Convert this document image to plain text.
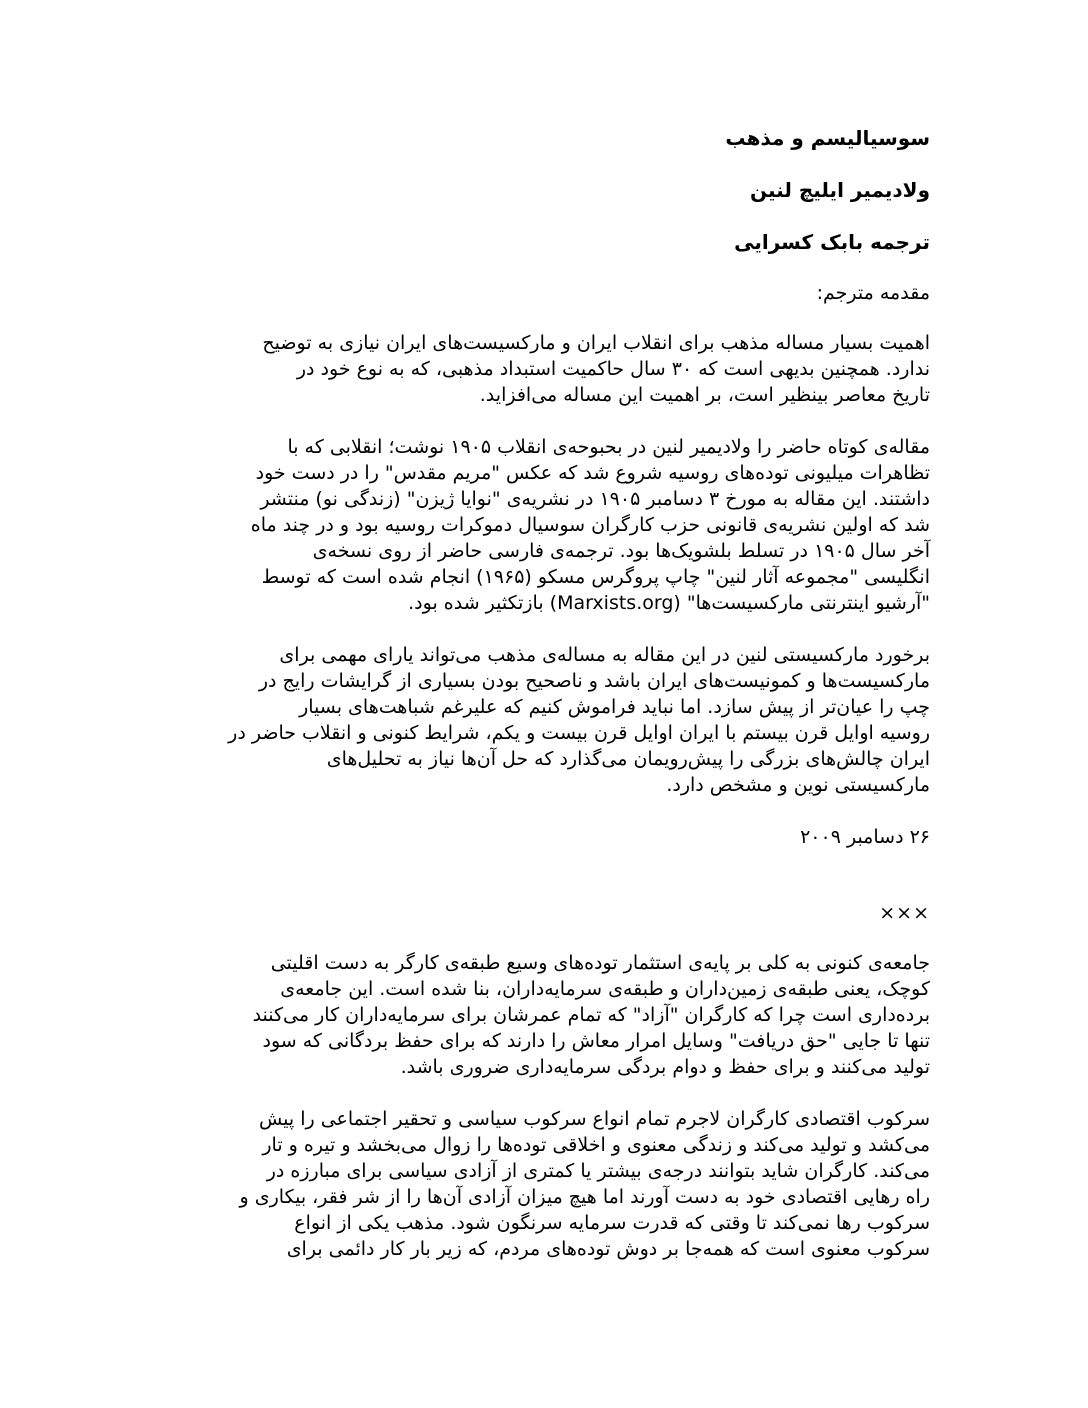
سوسیالیسم و مذهب
ولادیمیر ایلیچ لنین
ترجمه بابک کسرایی
مقدمه مترجم:
اهمیت بسیار مساله مذهب برای انقلاب ایران و مارکسیست‌های ایران نیازی به توضیح
ندارد. همچنین بدیهی است که ۳۰ سال حاکمیت استبداد مذهبی، که به نوع خود در
تاریخ معاصر بینظیر است، بر اهمیت این مساله می‌افزاید.
مقاله‌ی کوتاه حاضر را ولادیمیر لنین در بحبوحه‌ی انقلاب ۱۹۰۵ نوشت؛ انقلابی که با
تظاهرات میلیونی توده‌های روسیه شروع شد که عکس "مریم مقدس" را در دست خود
داشتند. این مقاله به مورخ ۳ دسامبر ۱۹۰۵ در نشریه‌ی "نوایا ژیزن" (زندگی نو) منتشر
شد که اولین نشریه‌ی قانونی حزب کارگران سوسیال دموکرات روسیه بود و در چند ماه
آخر سال ۱۹۰۵ در تسلط بلشویک‌ها بود. ترجمه‌ی فارسی حاضر از روی نسخه‌ی
انگلیسی "مجموعه آثار لنین" چاپ پروگرس مسکو (۱۹۶۵) انجام شده است که توسط
"آرشیو اینترنتی مارکسیست‌ها" (Marxists.org) بازتکثیر شده بود.
برخورد مارکسیستی لنین در این مقاله به مساله‌ی مذهب می‌تواند یارای مهمی برای
مارکسیست‌ها و کمونیست‌های ایران باشد و ناصحیح بودن بسیاری از گرایشات رایج در
چپ را عیان‌تر از پیش سازد. اما نباید فراموش کنیم که علیرغم شباهت‌های بسیار
روسیه اوایل قرن بیستم با ایران اوایل قرن بیست و یکم، شرایط کنونی و انقلاب حاضر در
ایران چالش‌های بزرگی را پیش‌رویمان می‌گذارد که حل آن‌ها نیاز به تحلیل‌های
مارکسیستی نوین و مشخص دارد.
۲۶ دسامبر ۲۰۰۹
×××
جامعه‌ی کنونی به کلی بر پایه‌ی استثمار توده‌های وسیع طبقه‌ی کارگر به دست اقلیتی
کوچک، یعنی طبقه‌ی زمین‌داران و طبقه‌ی سرمایه‌داران، بنا شده است. این جامعه‌ی
برده‌داری است چرا که کارگران "آزاد" که تمام عمرشان برای سرمایه‌داران کار می‌کنند
تنها تا جایی "حق دریافت" وسایل امرار معاش را دارند که برای حفظ بردگانی که سود
تولید می‌کنند و برای حفظ و دوام بردگی سرمایه‌داری ضروری باشد.
سرکوب اقتصادی کارگران لاجرم تمام انواع سرکوب سیاسی و تحقیر اجتماعی را پیش
می‌کشد و تولید می‌کند و زندگی معنوی و اخلاقی توده‌ها را زوال می‌بخشد و تیره و تار
می‌کند. کارگران شاید بتوانند درجه‌ی بیشتر یا کمتری از آزادی سیاسی برای مبارزه در
راه رهایی اقتصادی خود به دست آورند اما هیچ میزان آزادی آن‌ها را از شر فقر، بیکاری و
سرکوب رها نمی‌کند تا وقتی که قدرت سرمایه سرنگون شود. مذهب یکی از انواع
سرکوب معنوی است که همه‌جا بر دوش توده‌های مردم، که زیر بار کار دائمی برای
